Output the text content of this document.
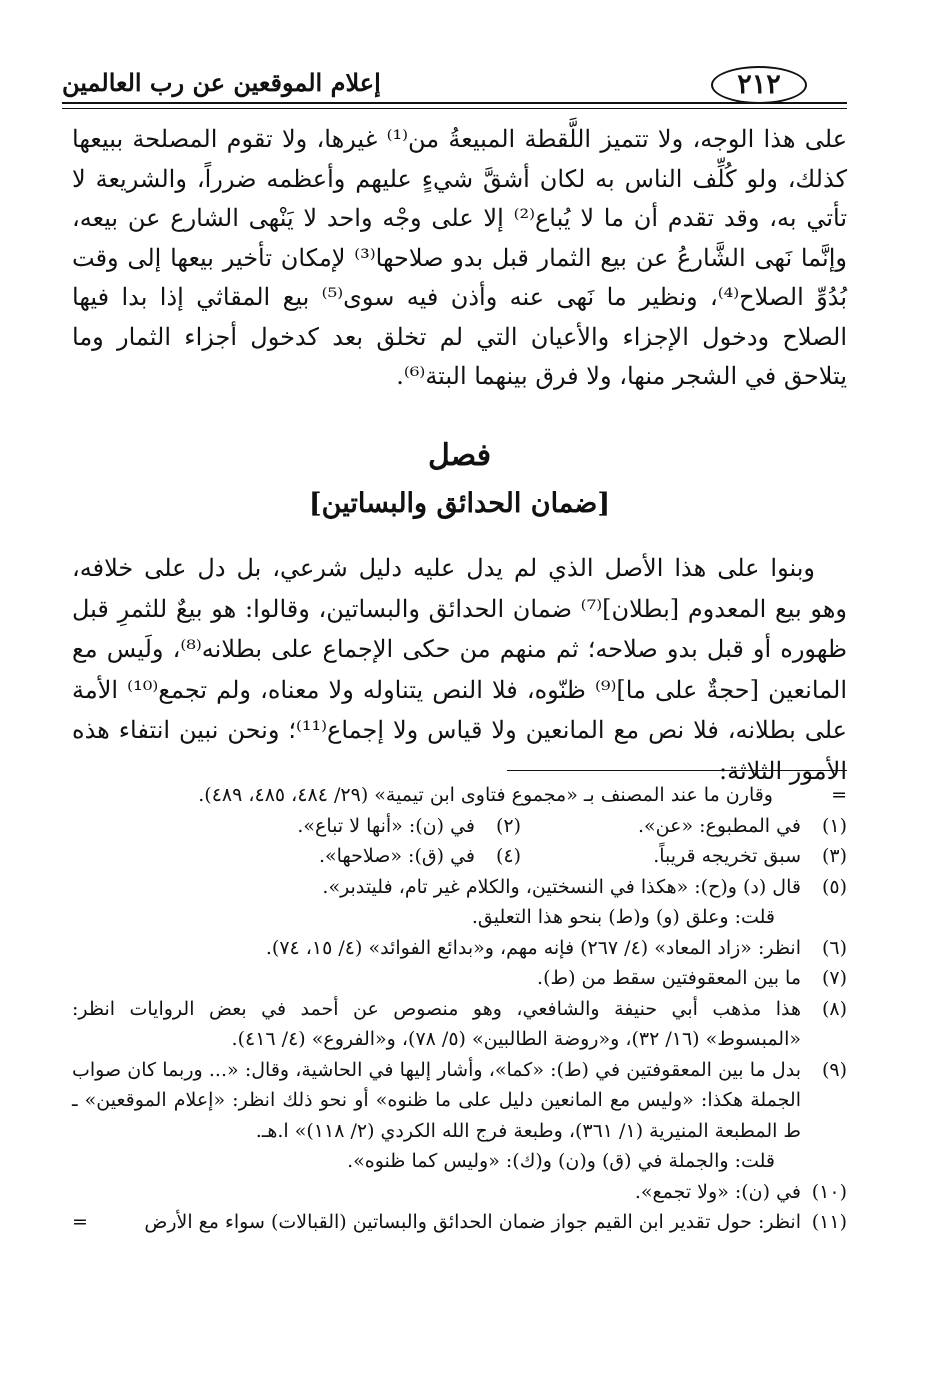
٢١٢
إعلام الموقعين عن رب العالمين
على هذا الوجه، ولا تتميز اللَّقطة المبيعةُ من⁽¹⁾ غيرها، ولا تقوم المصلحة ببيعها كذلك، ولو كُلِّف الناس به لكان أشقَّ شيءٍ عليهم وأعظمه ضرراً، والشريعة لا تأتي به، وقد تقدم أن ما لا يُباع⁽²⁾ إلا على وجْه واحد لا يَنْهى الشارع عن بيعه، وإنَّما نَهى الشَّارعُ عن بيع الثمار قبل بدو صلاحها⁽³⁾ لإمكان تأخير بيعها إلى وقت بُدُوِّ الصلاح⁽⁴⁾، ونظير ما نَهى عنه وأذن فيه سوى⁽⁵⁾ بيع المقاثي إذا بدا فيها الصلاح ودخول الإجزاء والأعيان التي لم تخلق بعد كدخول أجزاء الثمار وما يتلاحق في الشجر منها، ولا فرق بينهما البتة⁽⁶⁾.
فصل
[ضمان الحدائق والبساتين]
وبنوا على هذا الأصل الذي لم يدل عليه دليل شرعي، بل دل على خلافه، وهو بيع المعدوم [بطلان]⁽⁷⁾ ضمان الحدائق والبساتين، وقالوا: هو بيعٌ للثمرِ قبل ظهوره أو قبل بدو صلاحه؛ ثم منهم من حكى الإجماع على بطلانه⁽⁸⁾، ولَيس مع المانعين [حجةٌ على ما]⁽⁹⁾ ظنّوه، فلا النص يتناوله ولا معناه، ولم تجمع⁽¹⁰⁾ الأمة على بطلانه، فلا نص مع المانعين ولا قياس ولا إجماع⁽¹¹⁾؛ ونحن نبين انتفاء هذه الأمور الثلاثة:
=
وقارن ما عند المصنف بـ «مجموع فتاوى ابن تيمية» (٢٩/ ٤٨٤، ٤٨٥، ٤٨٩).
(١)
في المطبوع: «عن».
(٢)
في (ن): «أنها لا تباع».
(٣)
سبق تخريجه قريباً.
(٤)
في (ق): «صلاحها».
(٥)
قال (د) و(ح): «هكذا في النسختين، والكلام غير تام، فليتدبر».
قلت: وعلق (و) و(ط) بنحو هذا التعليق.
(٦)
انظر: «زاد المعاد» (٤/ ٢٦٧) فإنه مهم، و«بدائع الفوائد» (٤/ ١٥، ٧٤).
(٧)
ما بين المعقوفتين سقط من (ط).
(٨)
هذا مذهب أبي حنيفة والشافعي، وهو منصوص عن أحمد في بعض الروايات انظر: «المبسوط» (١٦/ ٣٢)، و«روضة الطالبين» (٥/ ٧٨)، و«الفروع» (٤/ ٤١٦).
(٩)
بدل ما بين المعقوفتين في (ط): «كما»، وأشار إليها في الحاشية، وقال: «... وربما كان صواب الجملة هكذا: «وليس مع المانعين دليل على ما ظنوه» أو نحو ذلك انظر: «إعلام الموقعين» ـ ط المطبعة المنيرية (١/ ٣٦١)، وطبعة فرج الله الكردي (٢/ ١١٨)» ا.هـ.
قلت: والجملة في (ق) و(ن) و(ك): «وليس كما ظنوه».
(١٠)
في (ن): «ولا تجمع».
(١١)
انظر: حول تقدير ابن القيم جواز ضمان الحدائق والبساتين (القبالات) سواء مع الأرض
=
